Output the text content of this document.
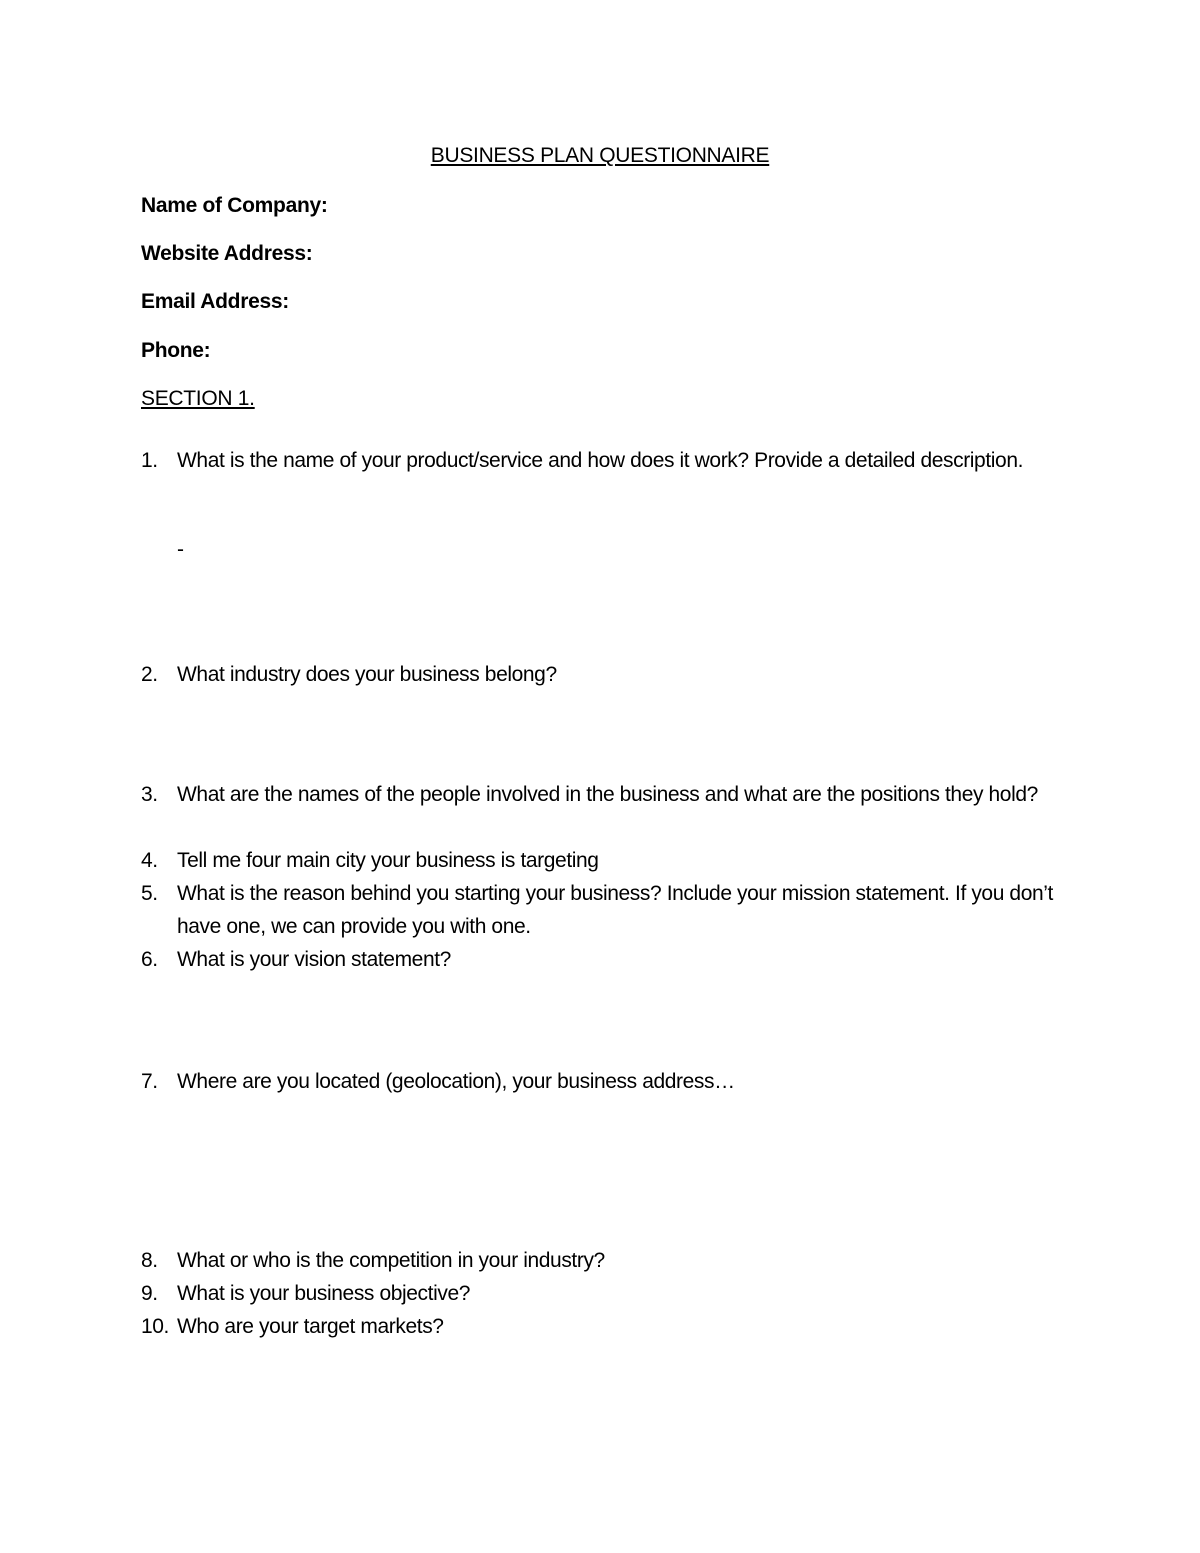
BUSINESS PLAN QUESTIONNAIRE
Name of Company:
Website Address:
Email Address:
Phone:
SECTION 1.
1. What is the name of your product/service and how does it work? Provide a detailed description.
-
2. What industry does your business belong?
3. What are the names of the people involved in the business and what are the positions they hold?
4. Tell me four main city your business is targeting
5. What is the reason behind you starting your business? Include your mission statement. If you don’t have one, we can provide you with one.
6. What is your vision statement?
7. Where are you located (geolocation), your business address…
8. What or who is the competition in your industry?
9. What is your business objective?
10. Who are your target markets?
